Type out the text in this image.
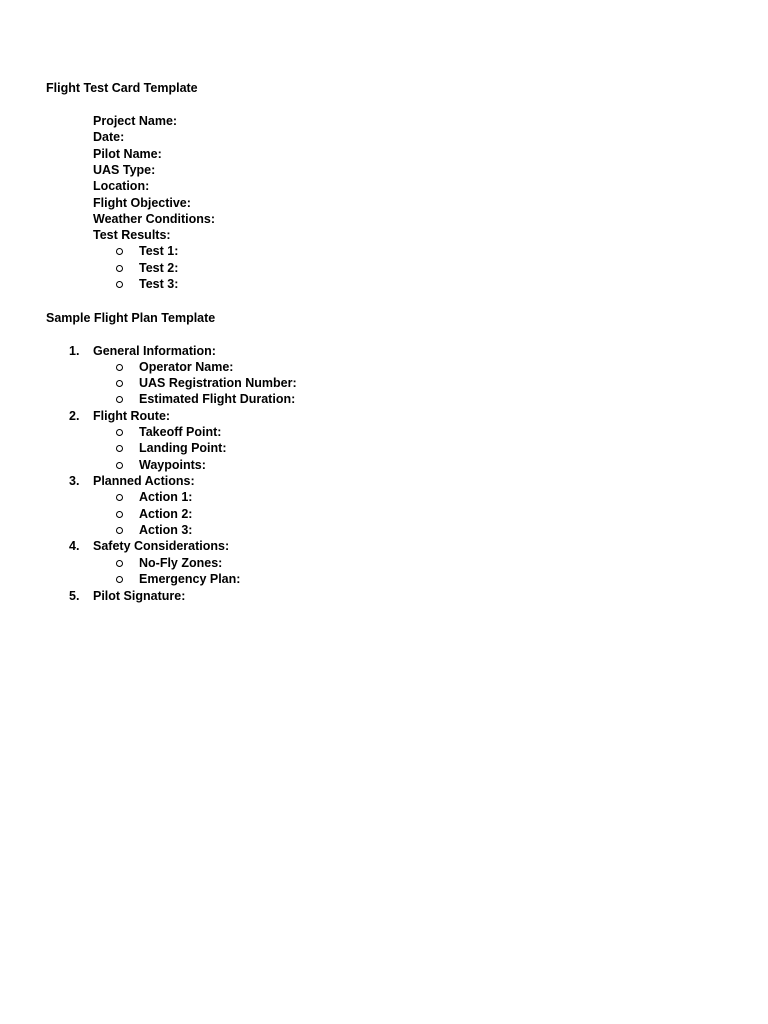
Flight Test Card Template
Project Name:
Date:
Pilot Name:
UAS Type:
Location:
Flight Objective:
Weather Conditions:
Test Results:
Test 1:
Test 2:
Test 3:
Sample Flight Plan Template
1. General Information:
Operator Name:
UAS Registration Number:
Estimated Flight Duration:
2. Flight Route:
Takeoff Point:
Landing Point:
Waypoints:
3. Planned Actions:
Action 1:
Action 2:
Action 3:
4. Safety Considerations:
No-Fly Zones:
Emergency Plan:
5. Pilot Signature:
